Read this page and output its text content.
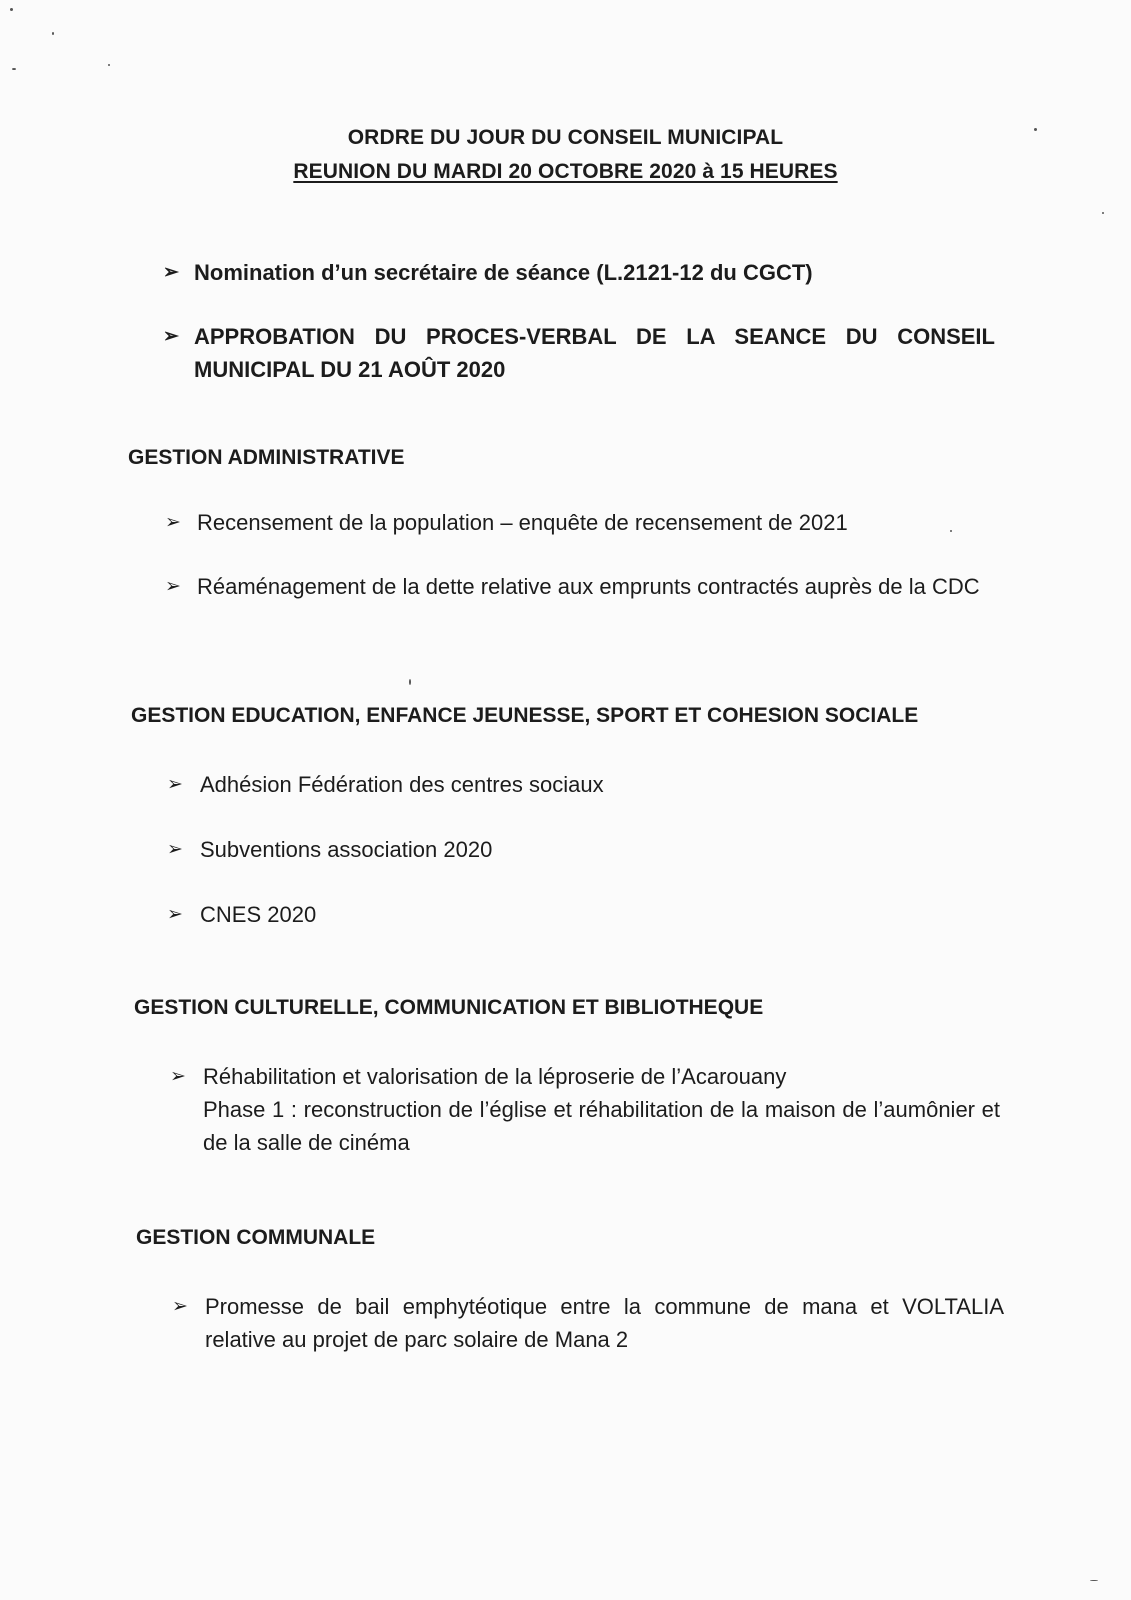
ORDRE DU JOUR DU CONSEIL MUNICIPAL
REUNION DU MARDI 20 OCTOBRE 2020 à 15 HEURES
➢ Nomination d’un secrétaire de séance (L.2121-12 du CGCT)
➢ APPROBATION DU PROCES-VERBAL DE LA SEANCE DU CONSEIL MUNICIPAL DU 21 AOÛT 2020
GESTION ADMINISTRATIVE
➢ Recensement de la population – enquête de recensement de 2021
➢ Réaménagement de la dette relative aux emprunts contractés auprès de la CDC
GESTION EDUCATION, ENFANCE JEUNESSE, SPORT ET COHESION SOCIALE
➢ Adhésion Fédération des centres sociaux
➢ Subventions association 2020
➢ CNES 2020
GESTION CULTURELLE, COMMUNICATION ET BIBLIOTHEQUE
➢ Réhabilitation et valorisation de la léproserie de l’Acarouany
Phase 1 : reconstruction de l’église et réhabilitation de la maison de l’aumônier et de la salle de cinéma
GESTION COMMUNALE
➢ Promesse de bail emphytéotique entre la commune de mana et VOLTALIA relative au projet de parc solaire de Mana 2
